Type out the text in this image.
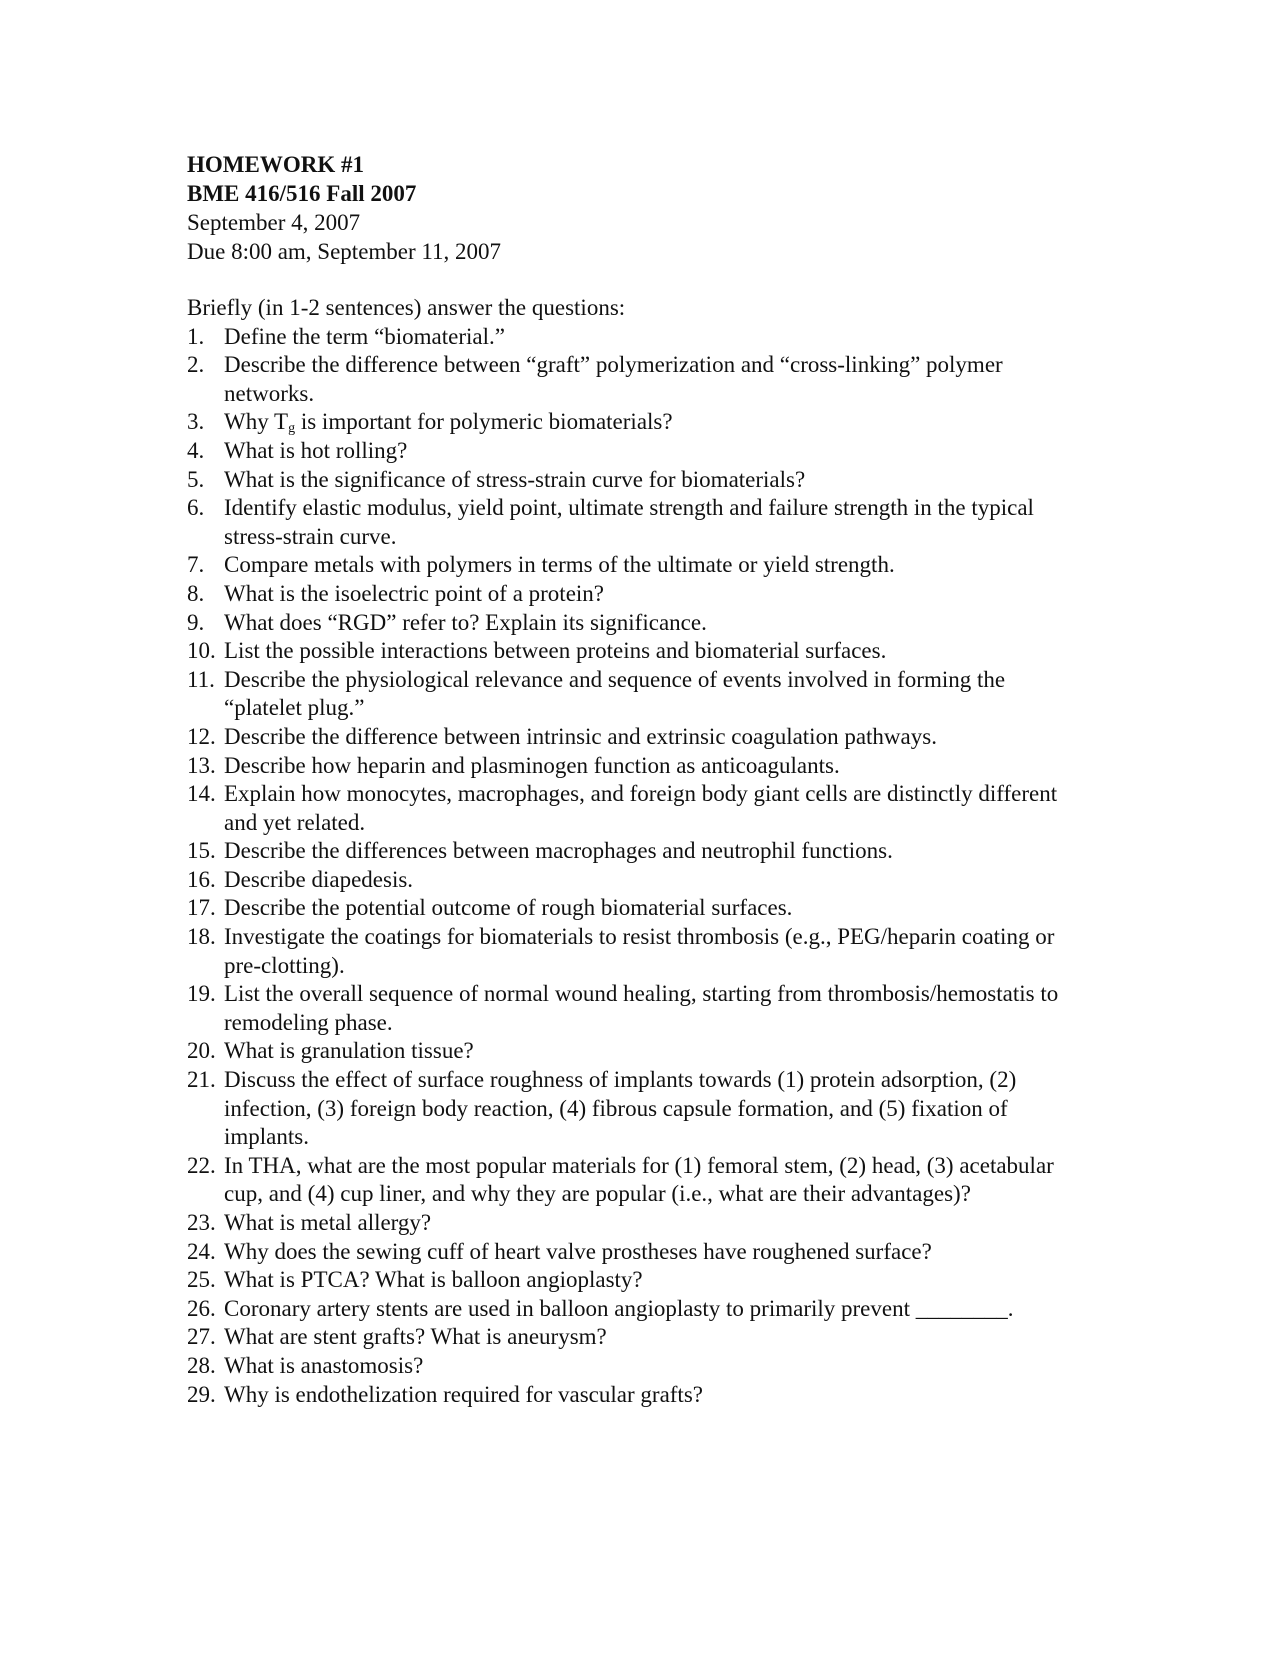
HOMEWORK #1

BME 416/516 Fall 2007

September 4, 2007

Due 8:00 am, September 11, 2007

Briefly (in 1-2 sentences) answer the questions:

1. Define the term “biomaterial.”
2. Describe the difference between “graft” polymerization and “cross-linking” polymer networks.
3. Why $T_g$ is important for polymeric biomaterials?
4. What is hot rolling?
5. What is the significance of stress-strain curve for biomaterials?
6. Identify elastic modulus, yield point, ultimate strength and failure strength in the typical stress-strain curve.
7. Compare metals with polymers in terms of the ultimate or yield strength.
8. What is the isoelectric point of a protein?
9. What does “RGD” refer to? Explain its significance.
10. List the possible interactions between proteins and biomaterial surfaces.
11. Describe the physiological relevance and sequence of events involved in forming the “platelet plug.”
12. Describe the difference between intrinsic and extrinsic coagulation pathways.
13. Describe how heparin and plasminogen function as anticoagulants.
14. Explain how monocytes, macrophages, and foreign body giant cells are distinctly different and yet related.
15. Describe the differences between macrophages and neutrophil functions.
16. Describe diapedesis.
17. Describe the potential outcome of rough biomaterial surfaces.
18. Investigate the coatings for biomaterials to resist thrombosis (e.g., PEG/heparin coating or pre-clotting).
19. List the overall sequence of normal wound healing, starting from thrombosis/hemostatis to remodeling phase.
20. What is granulation tissue?
21. Discuss the effect of surface roughness of implants towards (1) protein adsorption, (2) infection, (3) foreign body reaction, (4) fibrous capsule formation, and (5) fixation of implants.
22. In THA, what are the most popular materials for (1) femoral stem, (2) head, (3) acetabular cup, and (4) cup liner, and why they are popular (i.e., what are their advantages)?
23. What is metal allergy?
24. Why does the sewing cuff of heart valve prostheses have roughened surface?
25. What is PTCA? What is balloon angioplasty?
26. Coronary artery stents are used in balloon angioplasty to primarily prevent ________.
27. What are stent grafts? What is aneurysm?
28. What is anastomosis?
29. Why is endothelization required for vascular grafts?
